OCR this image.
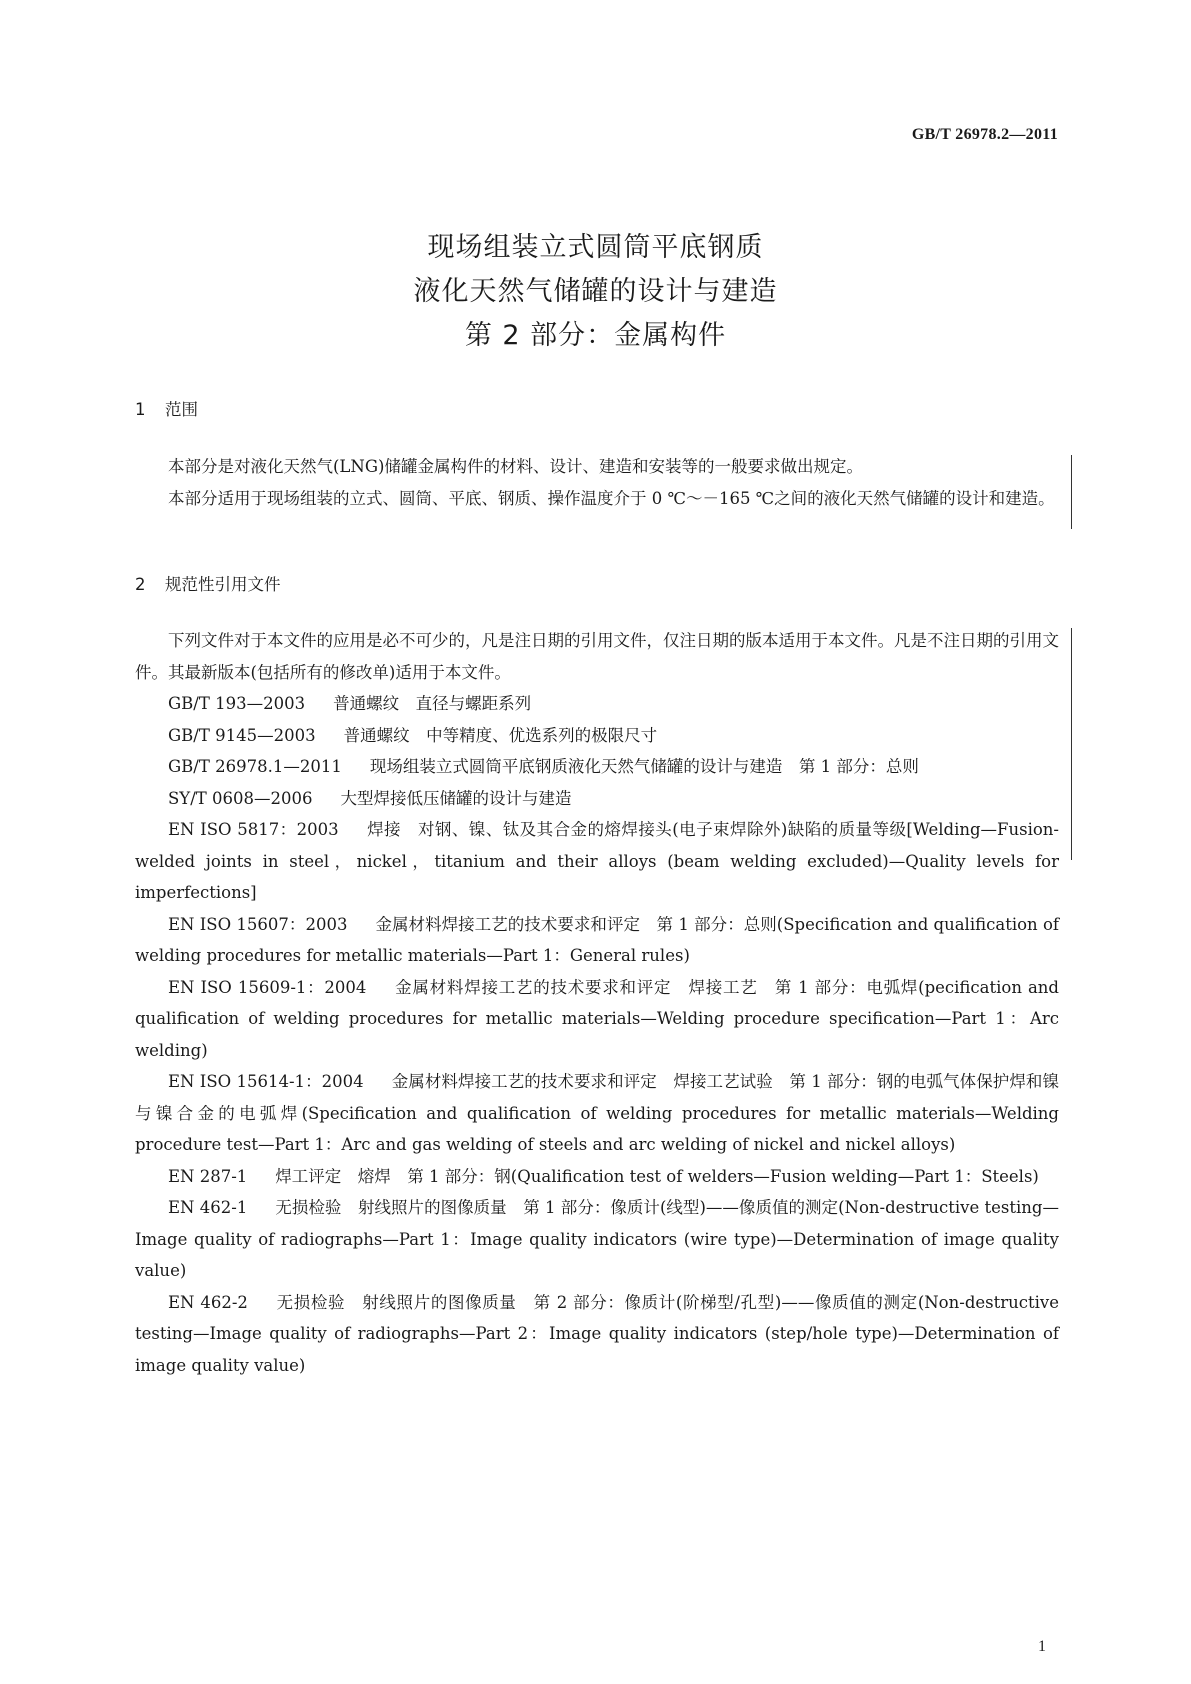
GB/T 26978.2—2011
现场组装立式圆筒平底钢质
液化天然气储罐的设计与建造
第 2 部分：金属构件
1 范围

本部分是对液化天然气(LNG)储罐金属构件的材料、设计、建造和安装等的一般要求做出规定。

本部分适用于现场组装的立式、圆筒、平底、钢质、操作温度介于 0 ℃～－165 ℃之间的液化天然气储罐的设计和建造。

2 规范性引用文件

下列文件对于本文件的应用是必不可少的，凡是注日期的引用文件，仅注日期的版本适用于本文件。凡是不注日期的引用文件。其最新版本(包括所有的修改单)适用于本文件。

GB/T 193—2003 普通螺纹　直径与螺距系列

GB/T 9145—2003 普通螺纹　中等精度、优选系列的极限尺寸

GB/T 26978.1—2011 现场组装立式圆筒平底钢质液化天然气储罐的设计与建造　第 1 部分：总则

SY/T 0608—2006 大型焊接低压储罐的设计与建造

EN ISO 5817：2003 焊接　对钢、镍、钛及其合金的熔焊接头(电子束焊除外)缺陷的质量等级[Welding—Fusion-welded joints in steel，nickel，titanium and their alloys (beam welding excluded)—Quality levels for imperfections]

EN ISO 15607：2003 金属材料焊接工艺的技术要求和评定　第 1 部分：总则(Specification and qualification of welding procedures for metallic materials—Part 1：General rules)

EN ISO 15609-1：2004 金属材料焊接工艺的技术要求和评定　焊接工艺　第 1 部分：电弧焊(pecification and qualification of welding procedures for metallic materials—Welding procedure specification—Part 1：Arc welding)

EN ISO 15614-1：2004 金属材料焊接工艺的技术要求和评定　焊接工艺试验　第 1 部分：钢的电弧气体保护焊和镍与镍合金的电弧焊(Specification and qualification of welding procedures for metallic materials—Welding procedure test—Part 1：Arc and gas welding of steels and arc welding of nickel and nickel alloys)

EN 287-1 焊工评定　熔焊　第 1 部分：钢(Qualification test of welders—Fusion welding—Part 1：Steels)

EN 462-1 无损检验　射线照片的图像质量　第 1 部分：像质计(线型)——像质值的测定(Non-destructive testing—Image quality of radiographs—Part 1：Image quality indicators (wire type)—Determination of image quality value)

EN 462-2 无损检验　射线照片的图像质量　第 2 部分：像质计(阶梯型/孔型)——像质值的测定(Non-destructive testing—Image quality of radiographs—Part 2：Image quality indicators (step/hole type)—Determination of image quality value)

1
